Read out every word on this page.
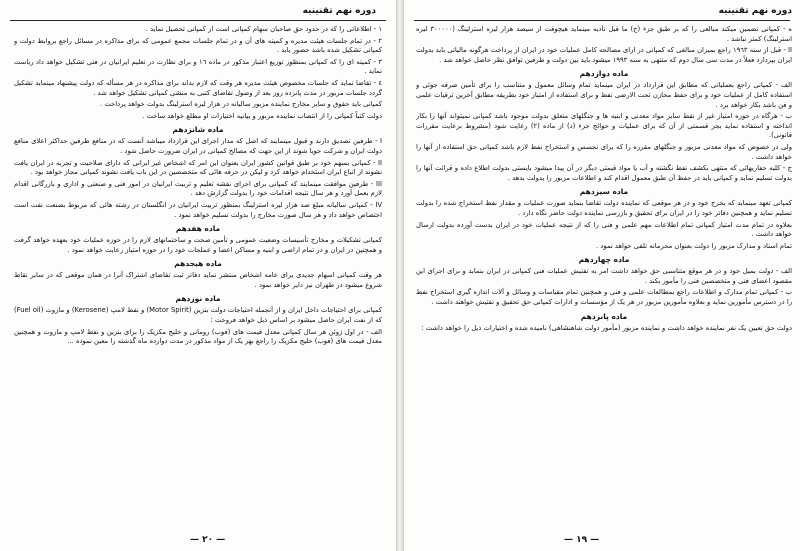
دوره نهم تقنينيه

١ - اطلاعاتی را که در حدود حق صاحبان سهام کمپانی است از کمپانی تحصیل نماید .

٢ - در تمام جلسات هیئت مدیره و کمیته های آن و در تمام جلسات مجمع عمومی که برای مذاکره در مسائل راجع بروابط دولت و کمپانی تشکیل شده باشد حضور یابد .

٣ - کمیته ای را که کمپانی بمنظور توزیع اعتبار مذکور در ماده ١٦ و برای نظارت در تعلیم ایرانیان در فنی تشکیل خواهد داد ریاست نماید .

٤ - تقاضا نماید که جلسات مخصوص هیئت مدیره هر وقت که لازم بداند برای مذاکره در هر مسأله که دولت پیشنهاد مینماید تشکیل گردد جلسات مزبور در مدت پانزده روز بعد از وصول تقاضای کتبی به منشی کمپانی تشکیل خواهد شد .

کمپانی باید حقوق و سایر مخارج نماینده مزبور سالیانه در هزار لیره استرلینگ بدولت خواهد پرداخت .

دولت کتباً کمپانی را از انتصاب نماینده مزبور و بیانیه اختیارات او مطلع خواهد ساخت .

ماده شانزدهم

I - طرفین تصدیق دارند و قبول مینمایند که اصل که مدار اجرای این قرارداد میباشد آنست که در منافع طرفین حداکثر اعلای منافع دولت ایران و شرکت جویا شوند از این جهت که مصالح کمپانی در ایران ضرورت حاصل شود .

II - کمپانی بسهم خود بر طبق قوانین کشور ایران بعنوان این امر که اشخاص غیر ایرانی که دارای صلاحیت و تجربه در ایران یافت نشوند از اتباع ایران استخدام خواهد کرد و لیکن در حرفه هائی که متخصصین در این باب یافت نشوند کمپانی مجاز خواهد بود .

III - طرفین موافقت مینمایند که کمپانی برای اجرای نقشه تعلیم و تربیت ایرانیان در امور فنی و صنعتی و اداری و بازرگانی اقدام لازم بعمل آورد و هر سال نتیجه اقدامات خود را بدولت گزارش دهد .

IV - کمپانی سالیانه مبلغ صد هزار لیره استرلینگ بمنظور تربیت ایرانیان در انگلستان در رشته هائی که مربوط بصنعت نفت است اختصاص خواهد داد و هر سال صورت مخارج را بدولت تسلیم خواهد نمود .

ماده هفدهم

کمپانی تشکیلات و مخارج تأسیسات وضعیت عمومی و تأمین صحت و ساختمانهای لازم را در حوزه عملیات خود بعهده خواهد گرفت و همچنین در ایران و در تمام اراضی و ابنیه و مساکن اعضا و عملجات خود را در حوزه امتیاز رعایت خواهد نمود .

ماده هیجدهم

هر وقت کمپانی اسهام جدیدی برای عامه اشخاص منتشر نماید دفاتر ثبت تقاضای اشتراک آنرا در همان موقعی که در سایر نقاط شروع میشود در طهران نیز دایر خواهد نمود .

ماده نوزدهم

کمپانی برای احتیاجات داخل ایران و از آنجمله احتیاجات دولت بنزین (Motor Spirit) و نفط لامپ (Kerosene) و مازوت (Fuel oil) که از نفت ایران حاصل میشود بر اساس ذیل خواهد فروخت :

الف - در اول ژوئن هر سال کمپانی معدل قیمت های (فوب) رومانی و خلیج مکزیک را برای بنزین و نفط لامپ و مازوت و همچنین معدل قیمت های (فوب) خلیج مکزیک را راجع بهر یک از مواد مذکور در مدت دوازده ماه گذشته را معین نموده ...

— ٢٠ —
دوره نهم تقنينيه

ه - کمپانی تضمین میکند مبالغی را که بر طبق جزء (ج) ما قبل تأدیه مینماید هیچوقت از سیصد هزار لیره استرلینگ (٣٠٠٠٠٠ لیره استرلینگ) کمتر نباشد .

II - قبل از سنه ١٩٦٣ راجع بمیزان مبالغی که کمپانی در ازای مصالحه کامل عملیات خود در ایران از پرداخت هرگونه مالیاتی باید بدولت ایران بپردازد فعلاً در مدت سی سال دوم که منتهی به سنه ١٩٩٣ میشود باید بین دولت و طرفین توافق نظر حاصل خواهد شد .

ماده دوازدهم

الف - کمپانی راجع بعملیاتی که مطابق این قرارداد در ایران مینماید تمام وسائل معمول و متناسب را برای تأمین صرفه جوئی و استفاده کامل از عملیات خود و برای حفظ مخازن تحت الارضی نفط و برای استفاده از امتیاز خود بطریقه مطابق آخرین ترقیات علمی و فن باشد بکار خواهد برد .

ب - هرگاه در حوزه امتیاز غیر از نفط سایر مواد معدنی و ابنیه ها و جنگلهای متعلق بدولت موجود باشد کمپانی نمیتواند آنها را بکار انداخته و استفاده نماید بجز قسمتی از آن که برای عملیات و حوائج جزء (د) از ماده (٢) رعایت شود (مشروط برعایت مقررات قانونی).

ولی در خصوص که مواد معدنی مزبور و جنگلهای مقرره را که برای تجسس و استخراج نفط لازم باشد کمپانی حق استفاده از آنها را خواهد داشت .

ج - کلیه حفاریهائی که منتهی بکشف نفط نگشته و آب یا مواد قیمتی دیگر در آن پیدا میشود بایستی بدولت اطلاع داده و قرائت آنها را بدولت تسلیم نماید و کمپانی باید در حفظ آن طبق معمول اقدام کند و اطلاعات مزبور را بدولت بدهد .

ماده سیزدهم

کمپانی تعهد مینماید که بخرج خود و در هر موقعی که نماینده دولت تقاضا بنماید صورت عملیات و مقدار نفط استخراج شده را بدولت تسلیم نماید و همچنین دفاتر خود را در ایران برای تحقیق و بازرسی نماینده دولت حاضر نگاه دارد .

بعلاوه در تمام مدت امتیاز کمپانی تمام اطلاعات مهم علمی و فنی را که از نتیجه عملیات خود در ایران بدست آورده بدولت ارسال خواهد داشت .

تمام اسناد و مدارک مزبور را دولت بعنوان محرمانه تلقی خواهد نمود .

ماده چهاردهم

الف - دولت بمیل خود و در هر موقع متناسبی حق خواهد داشت امر به تفتیش عملیات فنی کمپانی در ایران بنماید و برای اجرای این مقصود اعضای فنی و متخصصین فنی را مأمور بکند .

ب - کمپانی تمام مدارک و اطلاعات راجع بمطالعات علمی و فنی و همچنین تمام مقیاسات و وسائل و آلات اندازه گیری استخراج نفط را در دسترس مأمورین نماید و بعلاوه مأمورین مزبور در هر یک از مؤسسات و ادارات کمپانی حق تحقیق و تفتیش خواهند داشت .

ماده پانزدهم

دولت حق تعیین یک نفر نماینده خواهد داشت و نماینده مزبور (مأمور دولت شاهنشاهی) نامیده شده و اختیارات ذیل را خواهد داشت :

— ١٩ —
